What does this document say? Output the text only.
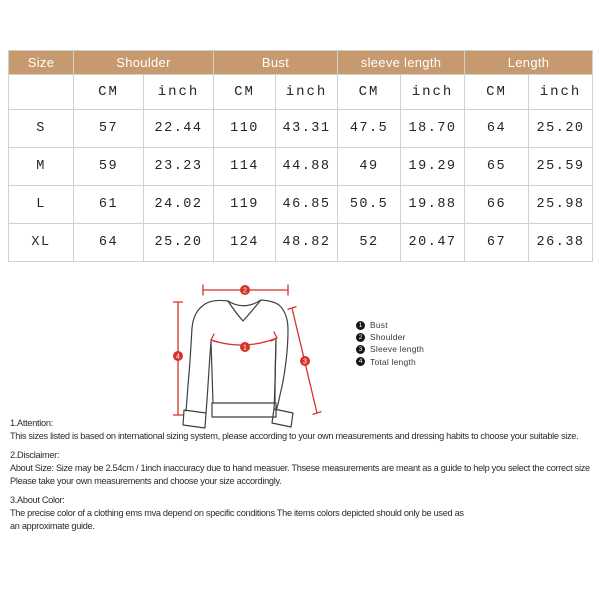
Size	Shoulder		Bust		sleeve length		Length	
	CM	inch	CM	inch	CM	inch	CM	inch
S	57	22.44	110	43.31	47.5	18.70	64	25.20
M	59	23.23	114	44.88	49	19.29	65	25.59
L	61	24.02	119	46.85	50.5	19.88	66	25.98
XL	64	25.20	124	48.82	52	20.47	67	26.38
2
4
1
3
1 Bust
2 Shoulder
3 Sleeve length
4 Total length

1.Attention:

This sizes listed is based on international sizing system, please according to your own measurements and dressing habits to choose your suitable size.

2.Disclaimer:

About Size: Size may be 2.54cm / 1inch inaccuracy due to hand measuer. Thsese measurements are meant as a guide to help you select the correct size

Please take your own measurements and choose your size accordingly.

3.About Color:

The precise color of a clothing ems mva depend on specific conditions The items colors depicted should only be used as

an approximate guide.
